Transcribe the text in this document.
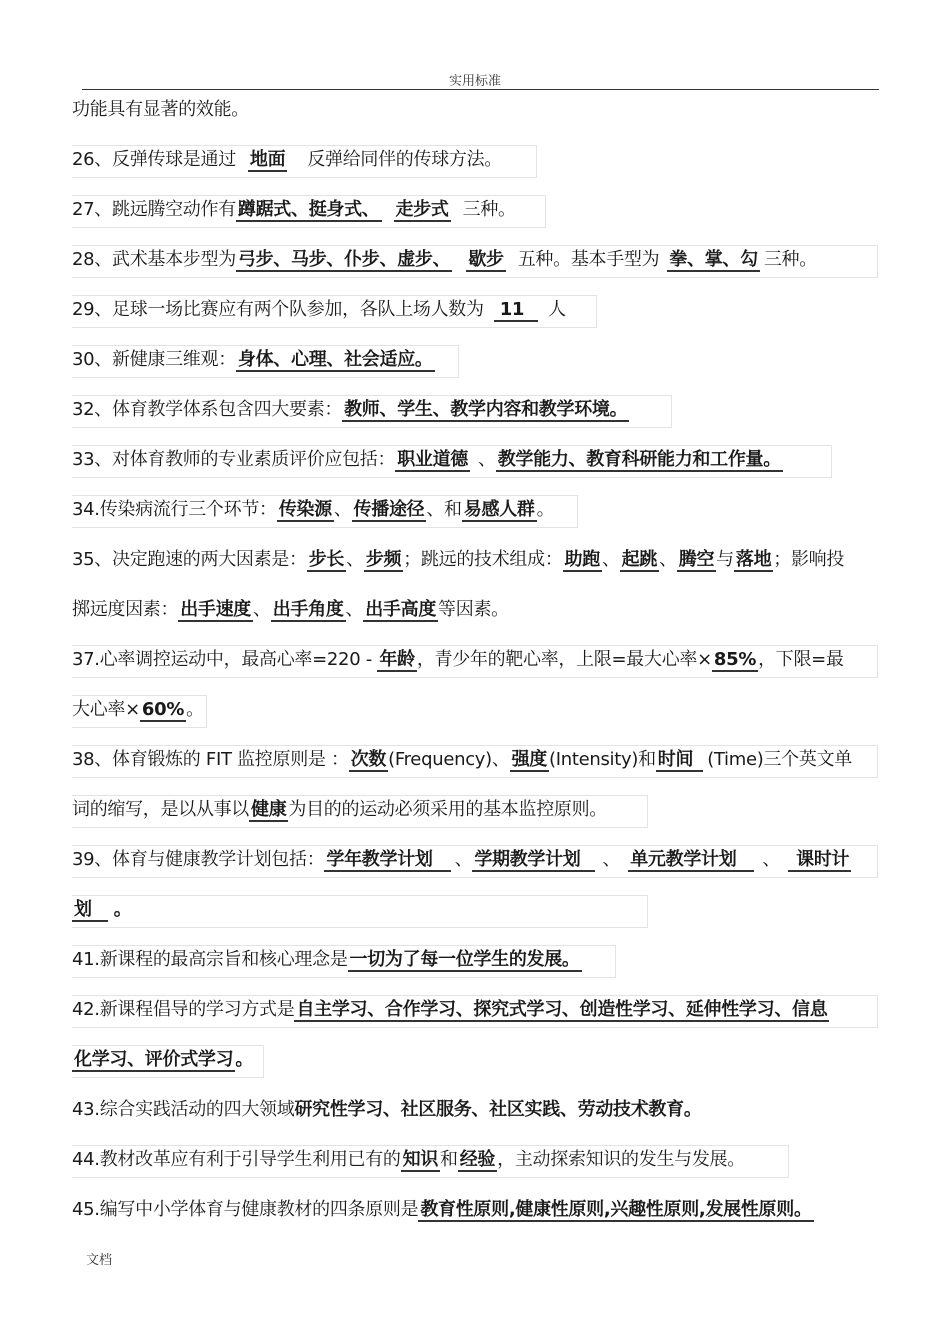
实用标准
功能具有显著的效能。
26、反弹传球是通过 地面 反弹给同伴的传球方法。
27、跳远腾空动作有 蹲踞式、挺身式、 走步式 三种。
28、武术基本步型为 弓步、马步、仆步、虚步、 歇步 五种。基本手型为 拳、掌、勾 三种。
29、足球一场比赛应有两个队参加，各队上场人数为 11 人
30、新健康三维观： 身体、心理、社会适应。
32、体育教学体系包含四大要素： 教师、学生、教学内容和教学环境。
33、对体育教师的专业素质评价应包括： 职业道德 、 教学能力、教育科研能力和工作量。
34.传染病流行三个环节： 传染源 、 传播途径 、和 易感人群 。
35、决定跑速的两大因素是： 步长 、 步频 ；跳远的技术组成： 助跑 、 起跳 、 腾空 与 落地 ；影响投
掷远度因素： 出手速度 、 出手角度 、 出手高度 等因素。
37.心率调控运动中，最高心率=220 - 年龄 ，青少年的靶心率，上限=最大心率× 85% ，下限=最
大心率× 60% 。
38、体育锻炼的 FIT 监控原则是 ： 次数 (Frequency)、 强度 (Intensity)和 时间 (Time)三个英文单
词的缩写，是以从事以 健康 为目的的运动必须采用的基本监控原则。
39、体育与健康教学计划包括： 学年教学计划 、 学期教学计划 、 单元教学计划 、 课时计
划 。
41.新课程的最高宗旨和核心理念是 一切为了每一位学生的发展。
42.新课程倡导的学习方式是 自主学习、合作学习、探究式学习、创造性学习、延伸性学习、信息
化学习、评价式学习 。
43.综合实践活动的四大领域研究性学习、社区服务、社区实践、劳动技术教育。
44.教材改革应有利于引导学生利用已有的 知识 和 经验 ，主动探索知识的发生与发展。
45.编写中小学体育与健康教材的四条原则是 教育性原则,健康性原则,兴趣性原则,发展性原则。
文档
